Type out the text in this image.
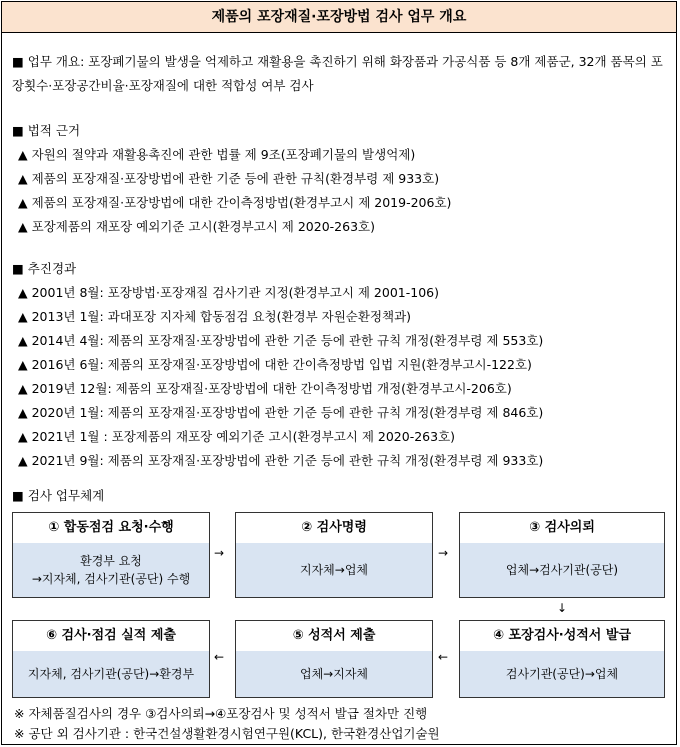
제품의 포장재질·포장방법 검사 업무 개요
■ 업무 개요: 포장폐기물의 발생을 억제하고 재활용을 촉진하기 위해 화장품과 가공식품 등 8개 제품군, 32개 품목의 포장횟수·포장공간비율·포장재질에 대한 적합성 여부 검사
■ 법적 근거
▲ 자원의 절약과 재활용촉진에 관한 법률 제 9조(포장폐기물의 발생억제)
▲ 제품의 포장재질·포장방법에 관한 기준 등에 관한 규칙(환경부령 제 933호)
▲ 제품의 포장재질·포장방법에 대한 간이측정방법(환경부고시 제 2019-206호)
▲ 포장제품의 재포장 예외기준 고시(환경부고시 제 2020-263호)
■ 추진경과
▲ 2001년 8월: 포장방법·포장재질 검사기관 지정(환경부고시 제 2001-106)
▲ 2013년 1월: 과대포장 지자체 합동점검 요청(환경부 자원순환정책과)
▲ 2014년 4월: 제품의 포장재질·포장방법에 관한 기준 등에 관한 규칙 개정(환경부령 제 553호)
▲ 2016년 6월: 제품의 포장재질·포장방법에 대한 간이측정방법 입법 지원(환경부고시-122호)
▲ 2019년 12월: 제품의 포장재질·포장방법에 대한 간이측정방법 개정(환경부고시-206호)
▲ 2020년 1월: 제품의 포장재질·포장방법에 관한 기준 등에 관한 규칙 개정(환경부령 제 846호)
▲ 2021년 1월 : 포장제품의 재포장 예외기준 고시(환경부고시 제 2020-263호)
▲ 2021년 9월: 제품의 포장재질·포장방법에 관한 기준 등에 관한 규칙 개정(환경부령 제 933호)
■ 검사 업무체계
① 합동점검 요청·수행
환경부 요청
→지자체, 검사기관(공단) 수행
→
② 검사명령
지자체→업체
→
③ 검사의뢰
업체→검사기관(공단)
↓
⑥ 검사·점검 실적 제출
지자체, 검사기관(공단)→환경부
←
⑤ 성적서 제출
업체→지자체
←
④ 포장검사·성적서 발급
검사기관(공단)→업체
※ 자체품질검사의 경우 ③검사의뢰→④포장검사 및 성적서 발급 절차만 진행
※ 공단 외 검사기관 : 한국건설생활환경시험연구원(KCL), 한국환경산업기술원
